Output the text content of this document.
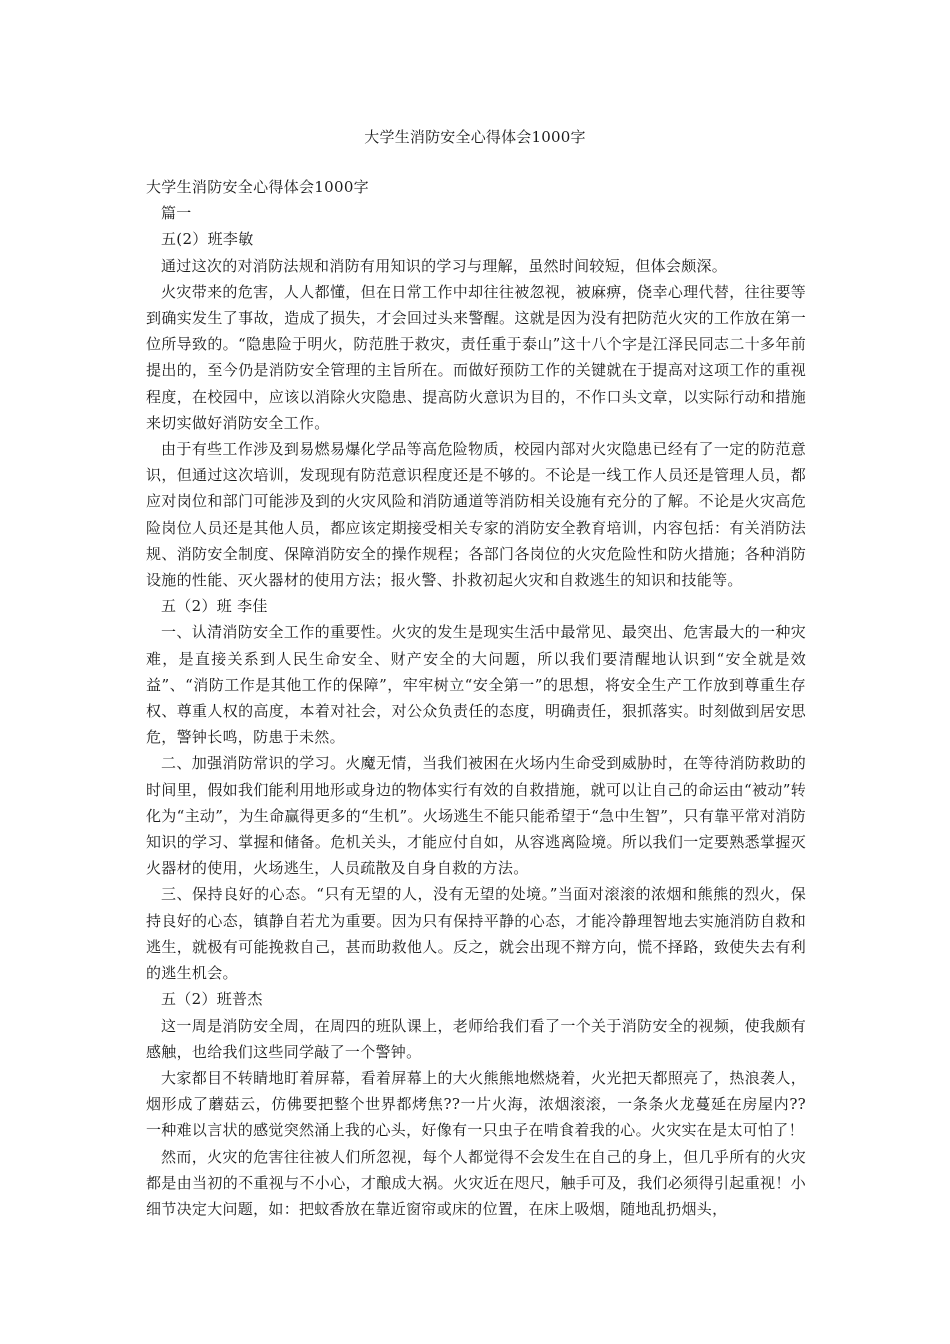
大学生消防安全心得体会1000字

大学生消防安全心得体会1000字

篇一

五(2）班李敏

通过这次的对消防法规和消防有用知识的学习与理解，虽然时间较短，但体会颇深。

火灾带来的危害，人人都懂，但在日常工作中却往往被忽视，被麻痹，侥幸心理代替，往往要等到确实发生了事故，造成了损失，才会回过头来警醒。这就是因为没有把防范火灾的工作放在第一位所导致的。“隐患险于明火，防范胜于救灾，责任重于泰山”这十八个字是江泽民同志二十多年前提出的，至今仍是消防安全管理的主旨所在。而做好预防工作的关键就在于提高对这项工作的重视程度，在校园中，应该以消除火灾隐患、提高防火意识为目的，不作口头文章，以实际行动和措施来切实做好消防安全工作。

由于有些工作涉及到易燃易爆化学品等高危险物质，校园内部对火灾隐患已经有了一定的防范意识，但通过这次培训，发现现有防范意识程度还是不够的。不论是一线工作人员还是管理人员，都应对岗位和部门可能涉及到的火灾风险和消防通道等消防相关设施有充分的了解。不论是火灾高危险岗位人员还是其他人员，都应该定期接受相关专家的消防安全教育培训，内容包括：有关消防法规、消防安全制度、保障消防安全的操作规程；各部门各岗位的火灾危险性和防火措施；各种消防设施的性能、灭火器材的使用方法；报火警、扑救初起火灾和自救逃生的知识和技能等。

五（2）班 李佳

一、认清消防安全工作的重要性。火灾的发生是现实生活中最常见、最突出、危害最大的一种灾难，是直接关系到人民生命安全、财产安全的大问题，所以我们要清醒地认识到“安全就是效益”、“消防工作是其他工作的保障”，牢牢树立“安全第一”的思想，将安全生产工作放到尊重生存权、尊重人权的高度，本着对社会，对公众负责任的态度，明确责任，狠抓落实。时刻做到居安思危，警钟长鸣，防患于未然。

二、加强消防常识的学习。火魔无情，当我们被困在火场内生命受到威胁时，在等待消防救助的时间里，假如我们能利用地形或身边的物体实行有效的自救措施，就可以让自己的命运由“被动”转化为“主动”，为生命赢得更多的“生机”。火场逃生不能只能希望于“急中生智”，只有靠平常对消防知识的学习、掌握和储备。危机关头，才能应付自如，从容逃离险境。所以我们一定要熟悉掌握灭火器材的使用，火场逃生，人员疏散及自身自救的方法。

三、保持良好的心态。“只有无望的人，没有无望的处境。”当面对滚滚的浓烟和熊熊的烈火，保持良好的心态，镇静自若尤为重要。因为只有保持平静的心态，才能冷静理智地去实施消防自救和逃生，就极有可能挽救自己，甚而助救他人。反之，就会出现不辩方向，慌不择路，致使失去有利的逃生机会。

五（2）班普杰

这一周是消防安全周，在周四的班队课上，老师给我们看了一个关于消防安全的视频，使我颇有感触，也给我们这些同学敲了一个警钟。

大家都目不转睛地盯着屏幕，看着屏幕上的大火熊熊地燃烧着，火光把天都照亮了，热浪袭人，烟形成了蘑菇云，仿佛要把整个世界都烤焦??一片火海，浓烟滚滚，一条条火龙蔓延在房屋内??一种难以言状的感觉突然涌上我的心头，好像有一只虫子在啃食着我的心。火灾实在是太可怕了！

然而，火灾的危害往往被人们所忽视，每个人都觉得不会发生在自己的身上，但几乎所有的火灾都是由当初的不重视与不小心，才酿成大祸。火灾近在咫尺，触手可及，我们必须得引起重视！小细节决定大问题，如：把蚊香放在靠近窗帘或床的位置，在床上吸烟，随地乱扔烟头，
